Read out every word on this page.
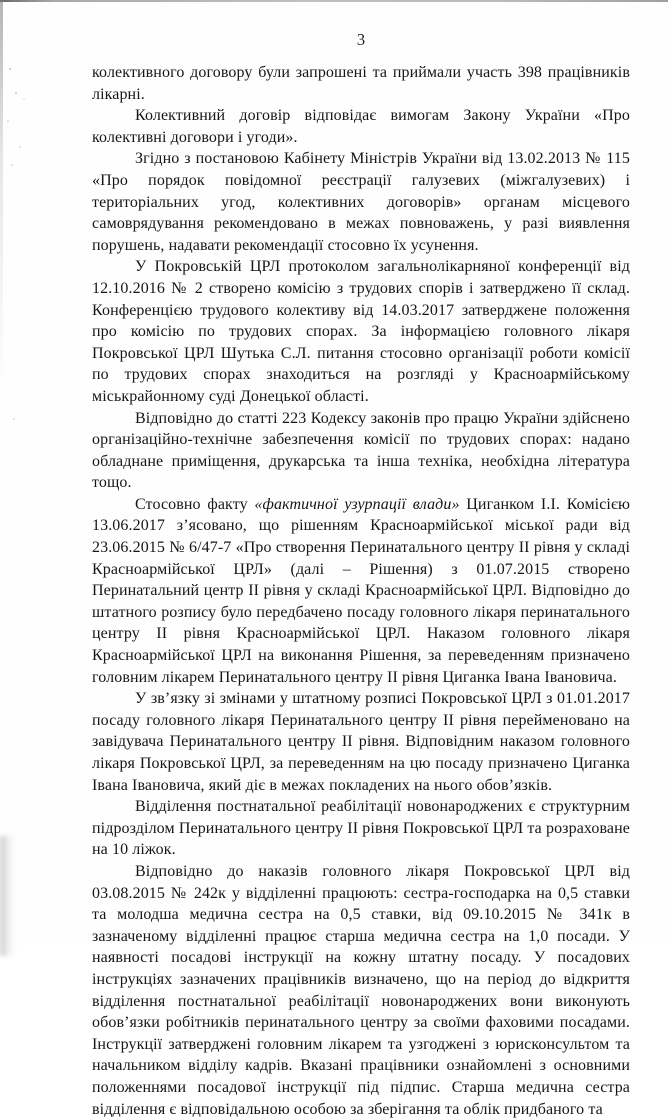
3

колективного договору були запрошені та приймали участь 398 працівників лікарні.

Колективний договір відповідає вимогам Закону України «Про колективні договори і угоди».

Згідно з постановою Кабінету Міністрів України від 13.02.2013 № 115 «Про порядок повідомної реєстрації галузевих (міжгалузевих) і територіальних угод, колективних договорів» органам місцевого самоврядування рекомендовано в межах повноважень, у разі виявлення порушень, надавати рекомендації стосовно їх усунення.

У Покровській ЦРЛ протоколом загальнолікарняної конференції від 12.10.2016 № 2 створено комісію з трудових спорів і затверджено її склад. Конференцією трудового колективу від 14.03.2017 затверджене положення про комісію по трудових спорах. За інформацією головного лікаря Покровської ЦРЛ Шутька С.Л. питання стосовно організації роботи комісії по трудових спорах знаходиться на розгляді у Красноармійському міськрайонному суді Донецької області.

Відповідно до статті 223 Кодексу законів про працю України здійснено організаційно-технічне забезпечення комісії по трудових спорах: надано обладнане приміщення, друкарська та інша техніка, необхідна література тощо.

Стосовно факту «фактичної узурпації влади» Циганком І.І. Комісією 13.06.2017 з’ясовано, що рішенням Красноармійської міської ради від 23.06.2015 № 6/47-7 «Про створення Перинатального центру ІІ рівня у складі Красноармійської ЦРЛ» (далі – Рішення) з 01.07.2015 створено Перинатальний центр ІІ рівня у складі Красноармійської ЦРЛ. Відповідно до штатного розпису було передбачено посаду головного лікаря перинатального центру ІІ рівня Красноармійської ЦРЛ. Наказом головного лікаря Красноармійської ЦРЛ на виконання Рішення, за переведенням призначено головним лікарем Перинатального центру ІІ рівня Циганка Івана Івановича.

У зв’язку зі змінами у штатному розписі Покровської ЦРЛ з 01.01.2017 посаду головного лікаря Перинатального центру ІІ рівня перейменовано на завідувача Перинатального центру ІІ рівня. Відповідним наказом головного лікаря Покровської ЦРЛ, за переведенням на цю посаду призначено Циганка Івана Івановича, який діє в межах покладених на нього обов’язків.

Відділення постнатальної реабілітації новонароджених є структурним підрозділом Перинатального центру ІІ рівня Покровської ЦРЛ та розраховане на 10 ліжок.

Відповідно до наказів головного лікаря Покровської ЦРЛ від 03.08.2015 № 242к у відділенні працюють: сестра-господарка на 0,5 ставки та молодша медична сестра на 0,5 ставки, від 09.10.2015 № 341к в зазначеному відділенні працює старша медична сестра на 1,0 посади. У наявності посадові інструкції на кожну штатну посаду. У посадових інструкціях зазначених працівників визначено, що на період до відкриття відділення постнатальної реабілітації новонароджених вони виконують обов’язки робітників перинатального центру за своїми фаховими посадами. Інструкції затверджені головним лікарем та узгоджені з юрисконсультом та начальником відділу кадрів. Вказані працівники ознайомлені з основними положеннями посадової інструкції під підпис. Старша медична сестра відділення є відповідальною особою за зберігання та облік придбаного та
